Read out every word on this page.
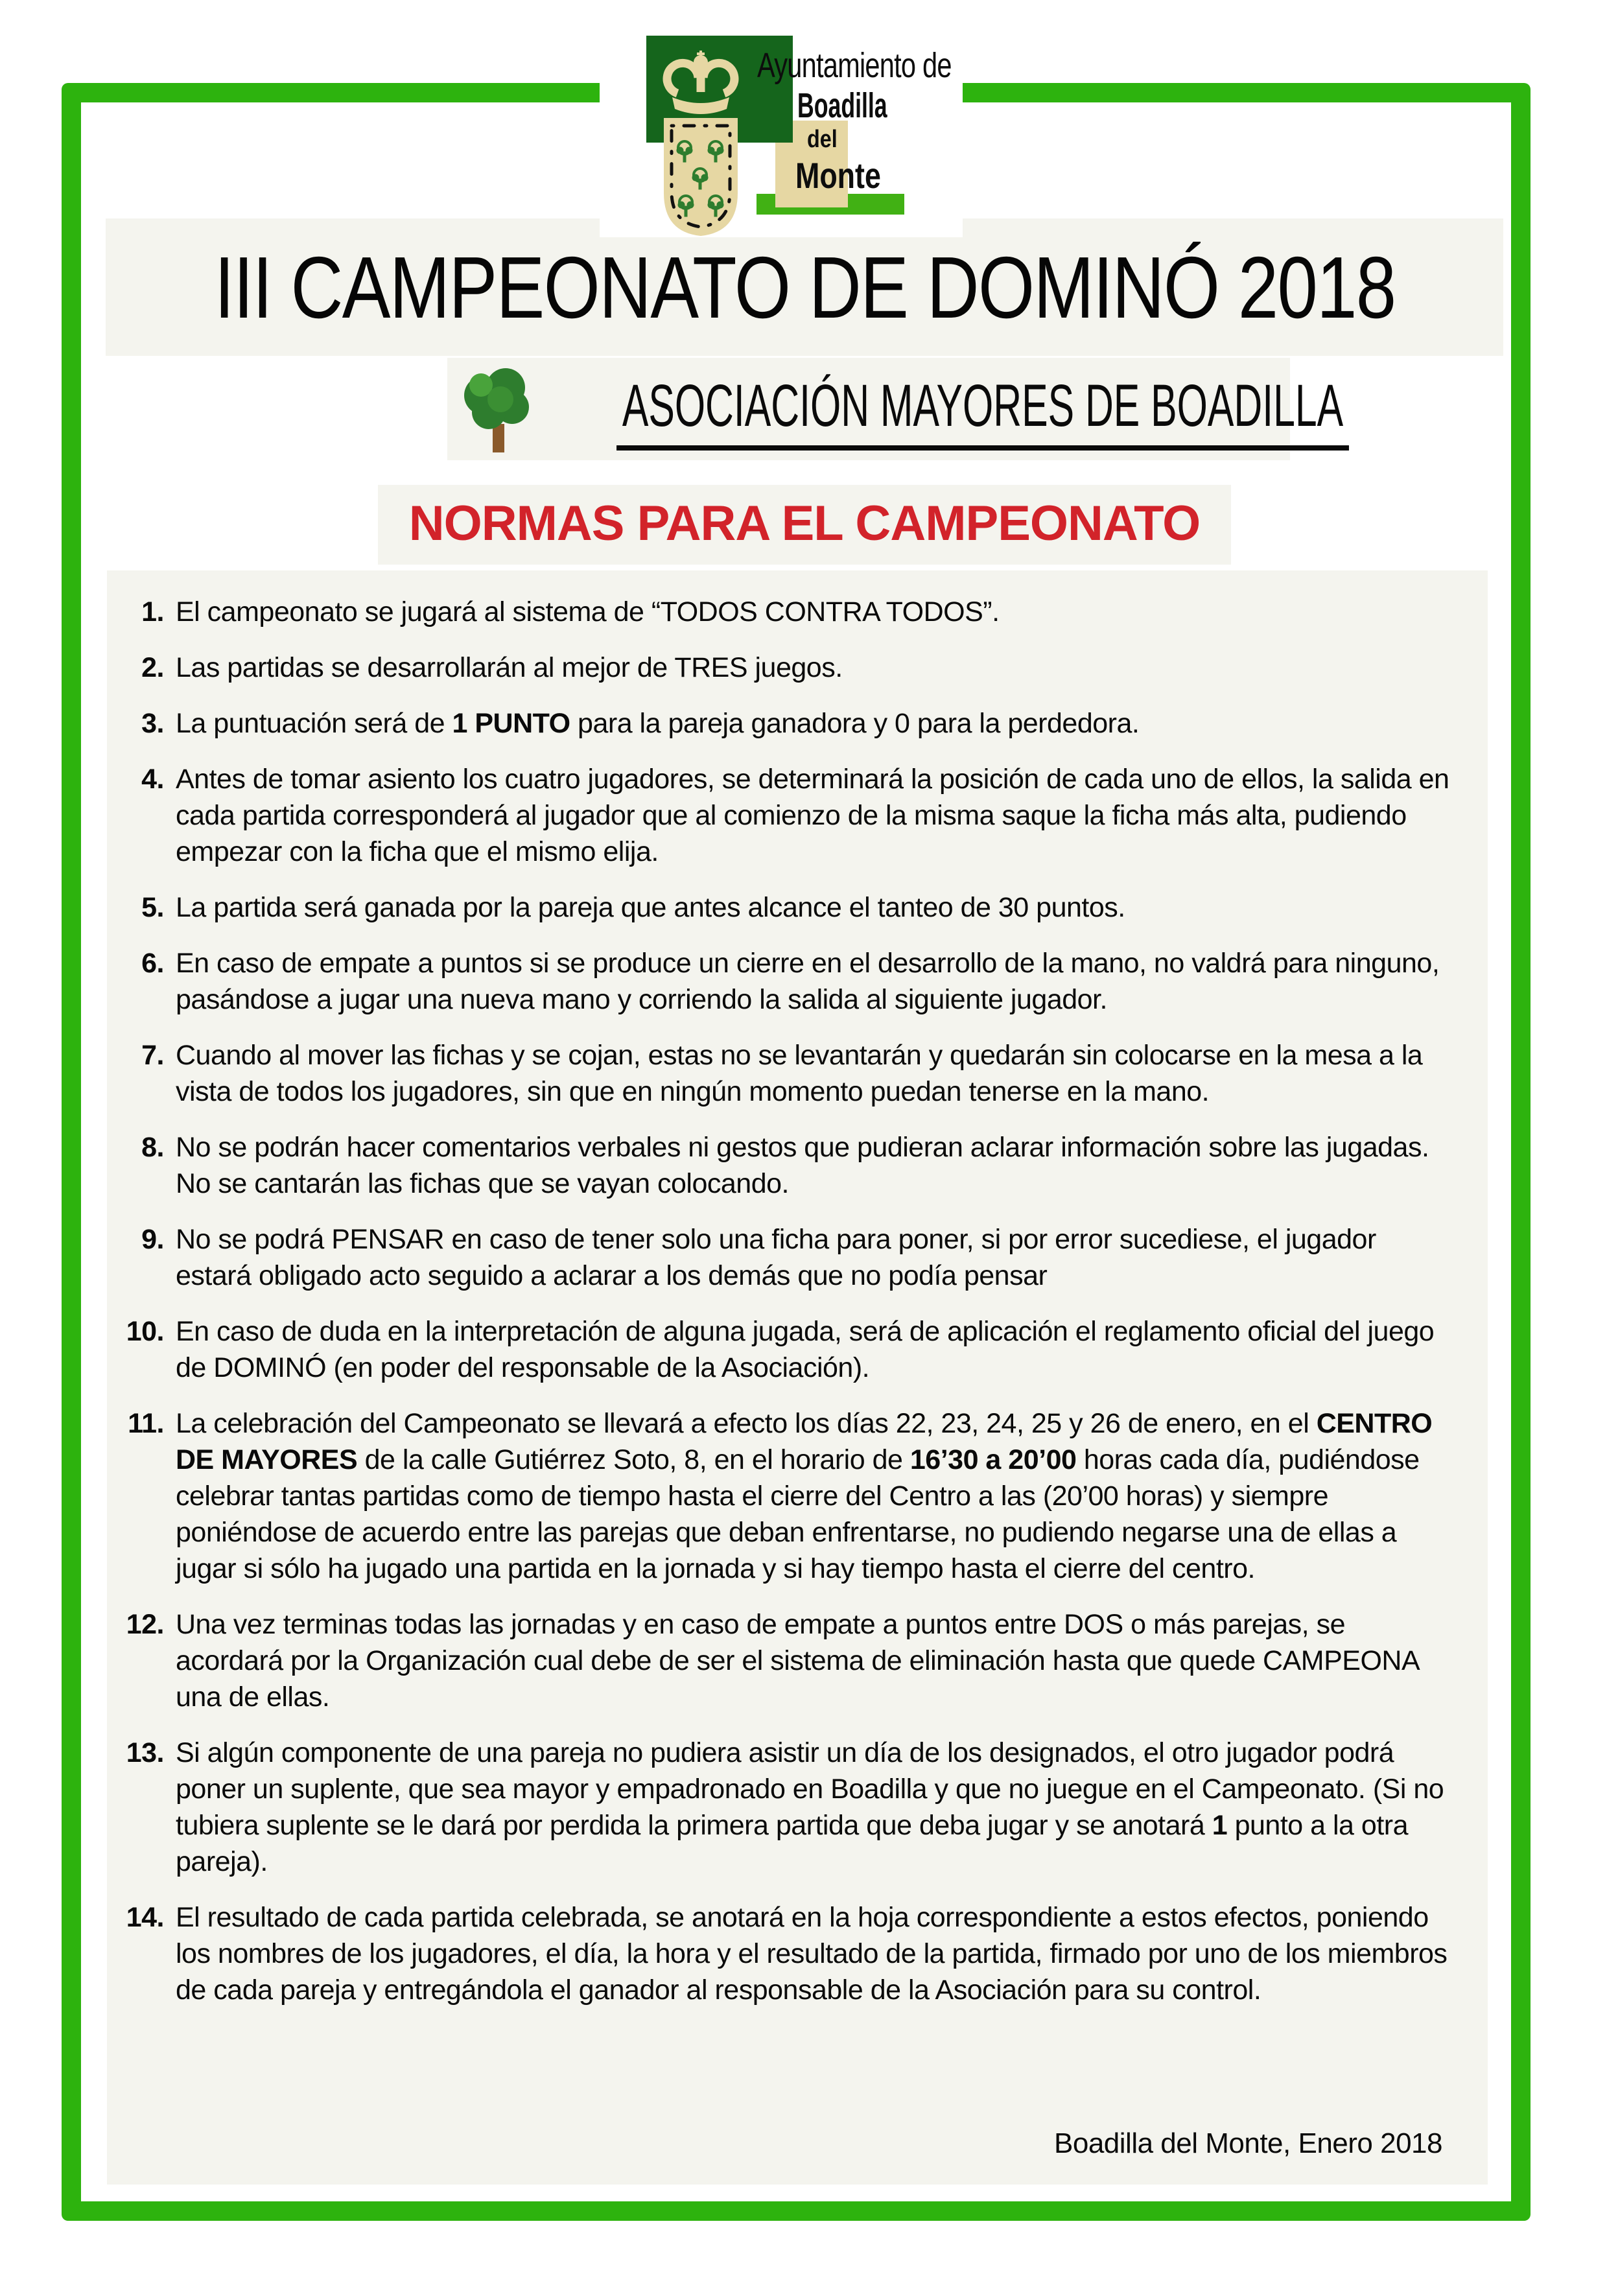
Ayuntamiento de
Boadilla
del
Monte
III CAMPEONATO DE DOMINÓ 2018
ASOCIACIÓN MAYORES DE BOADILLA
NORMAS PARA EL CAMPEONATO
1. El campeonato se jugará al sistema de “TODOS CONTRA TODOS”.
2. Las partidas se desarrollarán al mejor de TRES juegos.
3. La puntuación será de 1 PUNTO para la pareja ganadora y 0 para la perdedora.
4. Antes de tomar asiento los cuatro jugadores, se determinará la posición de cada uno de ellos, la salida en cada partida corresponderá al jugador que al comienzo de la misma saque la ficha más alta, pudiendo empezar con la ficha que el mismo elija.
5. La partida será ganada por la pareja que antes alcance el tanteo de 30 puntos.
6. En caso de empate a puntos si se produce un cierre en el desarrollo de la mano, no valdrá para ninguno, pasándose a jugar una nueva mano y corriendo la salida al siguiente jugador.
7. Cuando al mover las fichas y se cojan, estas no se levantarán y quedarán sin colocarse en la mesa a la vista de todos los jugadores, sin que en ningún momento puedan tenerse en la mano.
8. No se podrán hacer comentarios verbales ni gestos que pudieran aclarar información sobre las jugadas. No se cantarán las fichas que se vayan colocando.
9. No se podrá PENSAR en caso de tener solo una ficha para poner, si por error sucediese, el jugador estará obligado acto seguido a aclarar a los demás que no podía pensar
10. En caso de duda en la interpretación de alguna jugada, será de aplicación el reglamento oficial del juego de DOMINÓ (en poder del responsable de la Asociación).
11. La celebración del Campeonato se llevará a efecto los días 22, 23, 24, 25 y 26 de enero, en el CENTRO DE MAYORES de la calle Gutiérrez Soto, 8, en el horario de 16’30 a 20’00 horas cada día, pudiéndose celebrar tantas partidas como de tiempo hasta el cierre del Centro a las (20’00 horas) y siempre poniéndose de acuerdo entre las parejas que deban enfrentarse, no pudiendo negarse una de ellas a jugar si sólo ha jugado una partida en la jornada y si hay tiempo hasta el cierre del centro.
12. Una vez terminas todas las jornadas y en caso de empate a puntos entre DOS o más parejas, se acordará por la Organización cual debe de ser el sistema de eliminación hasta que quede CAMPEONA una de ellas.
13. Si algún componente de una pareja no pudiera asistir un día de los designados, el otro jugador podrá poner un suplente, que sea mayor y empadronado en Boadilla y que no juegue en el Campeonato. (Si no tubiera suplente se le dará por perdida la primera partida que deba jugar y se anotará 1 punto a la otra pareja).
14. El resultado de cada partida celebrada, se anotará en la hoja correspondiente a estos efectos, poniendo los nombres de los jugadores, el día, la hora y el resultado de la partida, firmado por uno de los miembros de cada pareja y entregándola el ganador al responsable de la Asociación para su control.
Boadilla del Monte, Enero 2018
